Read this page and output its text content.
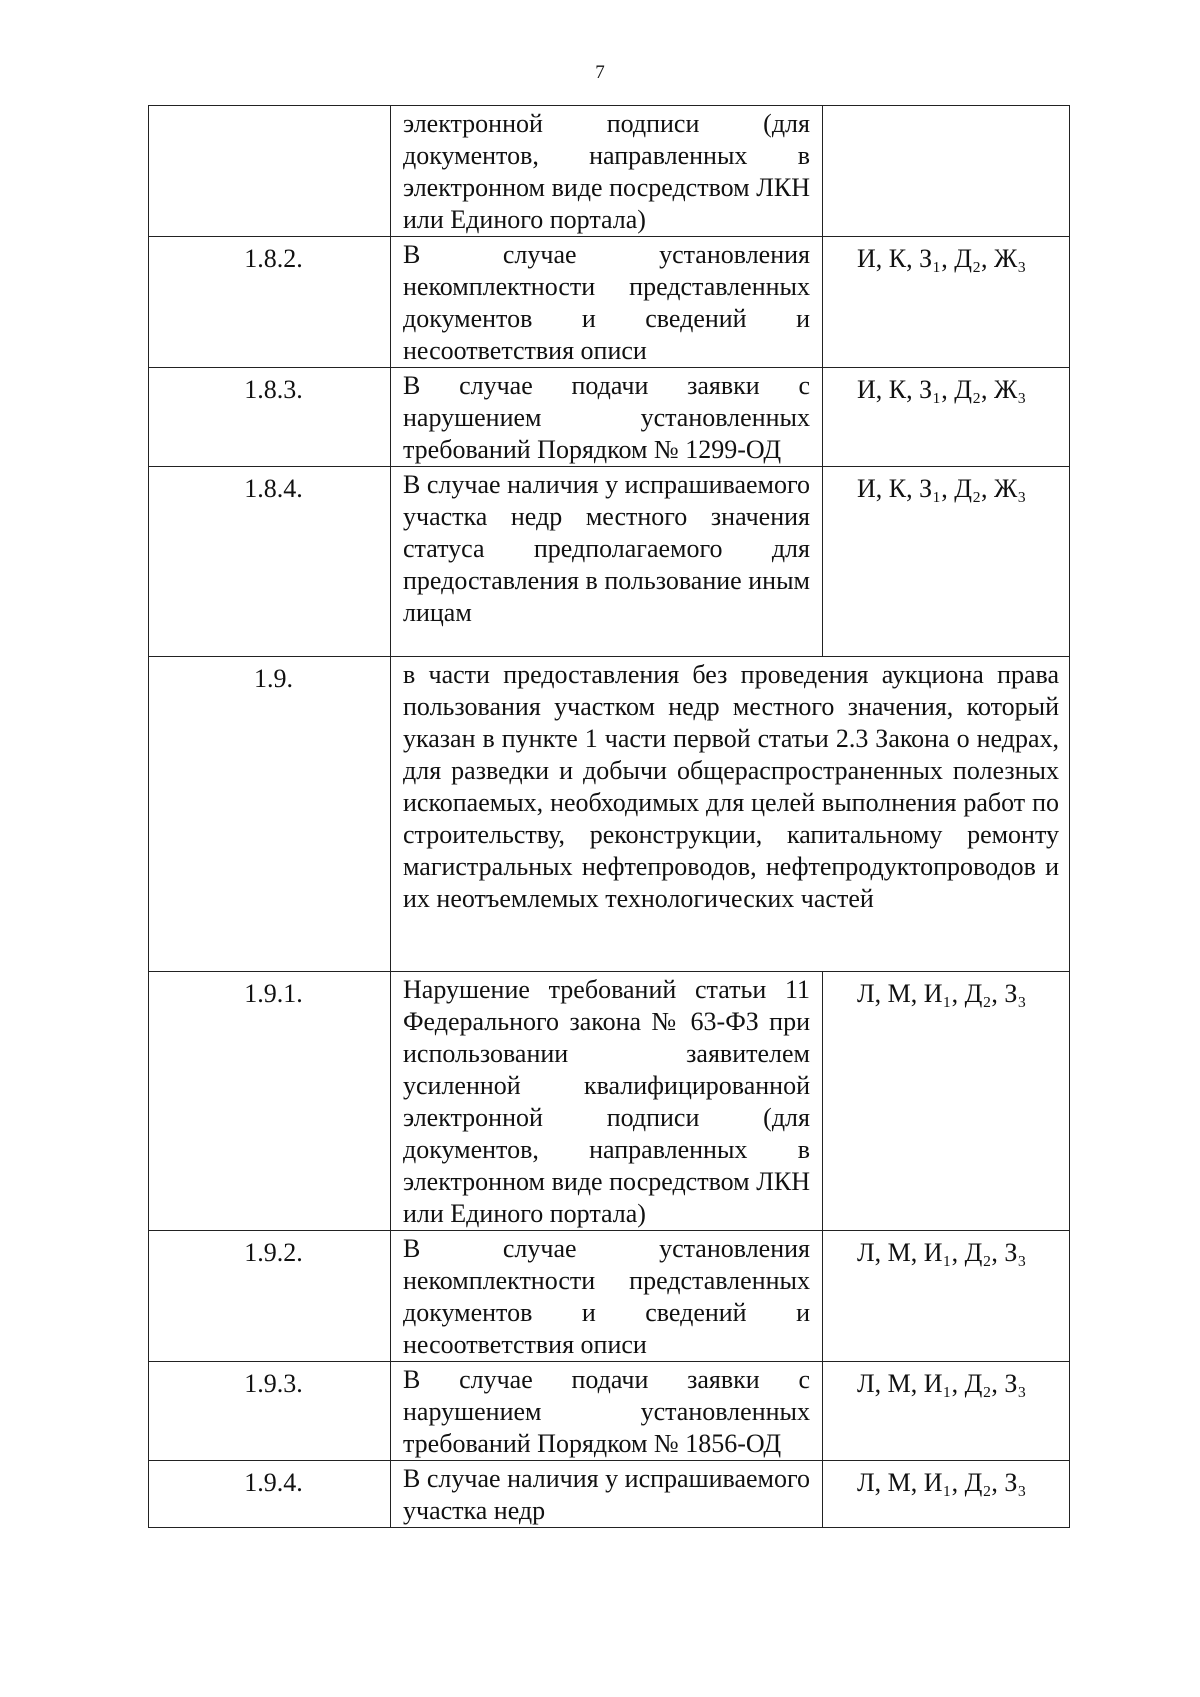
7
	электронной подписи (для документов, направленных в электронном виде посредством ЛКН или Единого портала)	

1.8.2.	В случае установления некомплектности представленных документов и сведений и несоответствия описи	И, К, З₁, Д₂, Ж₃

1.8.3.	В случае подачи заявки с нарушением установленных требований Порядком № 1299-ОД	И, К, З₁, Д₂, Ж₃

1.8.4.	В случае наличия у испрашиваемого участка недр местного значения статуса предполагаемого для предоставления в пользование иным лицам	И, К, З₁, Д₂, Ж₃

1.9.	в части предоставления без проведения аукциона права пользования участком недр местного значения, который указан в пункте 1 части первой статьи 2.3 Закона о недрах, для разведки и добычи общераспространенных полезных ископаемых, необходимых для целей выполнения работ по строительству, реконструкции, капитальному ремонту магистральных нефтепроводов, нефтепродуктопроводов и их неотъемлемых технологических частей	

1.9.1.	Нарушение требований статьи 11 Федерального закона № 63-ФЗ при использовании заявителем усиленной квалифицированной электронной подписи (для документов, направленных в электронном виде посредством ЛКН или Единого портала)	Л, М, И₁, Д₂, З₃

1.9.2.	В случае установления некомплектности представленных документов и сведений и несоответствия описи	Л, М, И₁, Д₂, З₃

1.9.3.	В случае подачи заявки с нарушением установленных требований Порядком № 1856-ОД	Л, М, И₁, Д₂, З₃

1.9.4.	В случае наличия у испрашиваемого участка недр	Л, М, И₁, Д₂, З₃
